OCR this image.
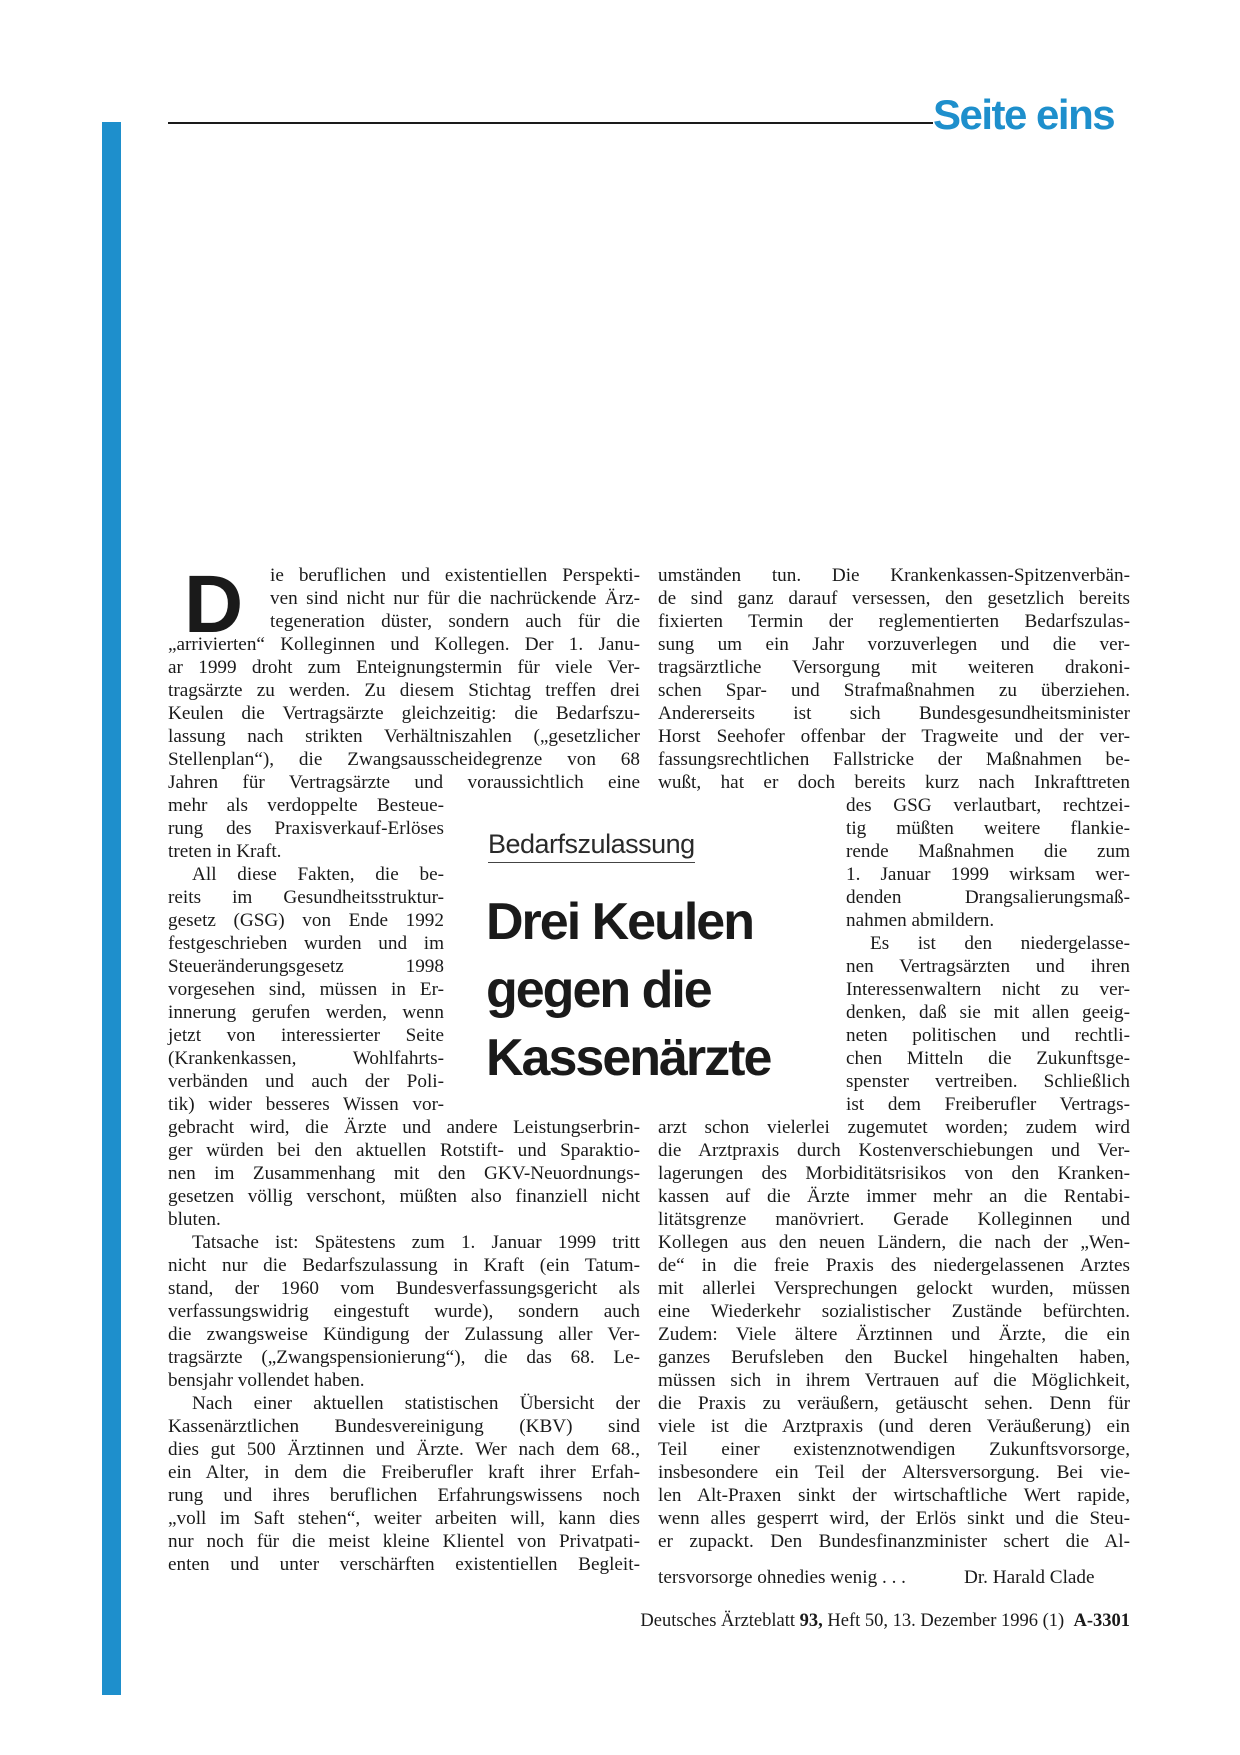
Seite eins
D
Bedarfszulassung
Drei Keulen
gegen die
Kassenärzte
Dr. Harald Clade
ie beruflichen und existentiellen Perspekti-
ven sind nicht nur für die nachrückende Ärz-
tegeneration düster, sondern auch für die
„arrivierten“ Kolleginnen und Kollegen. Der 1. Janu-
ar 1999 droht zum Enteignungstermin für viele Ver-
tragsärzte zu werden. Zu diesem Stichtag treffen drei
Keulen die Vertragsärzte gleichzeitig: die Bedarfszu-
lassung nach strikten Verhältniszahlen („gesetzlicher
Stellenplan“), die Zwangsausscheidegrenze von 68
Jahren für Vertragsärzte und voraussichtlich eine
mehr als verdoppelte Besteue-
rung des Praxisverkauf-Erlöses
treten in Kraft.
All diese Fakten, die be-
reits im Gesundheitsstruktur-
gesetz (GSG) von Ende 1992
festgeschrieben wurden und im
Steueränderungsgesetz 1998
vorgesehen sind, müssen in Er-
innerung gerufen werden, wenn
jetzt von interessierter Seite
(Krankenkassen, Wohlfahrts-
verbänden und auch der Poli-
tik) wider besseres Wissen vor-
gebracht wird, die Ärzte und andere Leistungserbrin-
ger würden bei den aktuellen Rotstift- und Sparaktio-
nen im Zusammenhang mit den GKV-Neuordnungs-
gesetzen völlig verschont, müßten also finanziell nicht
bluten.
Tatsache ist: Spätestens zum 1. Januar 1999 tritt
nicht nur die Bedarfszulassung in Kraft (ein Tatum-
stand, der 1960 vom Bundesverfassungsgericht als
verfassungswidrig eingestuft wurde), sondern auch
die zwangsweise Kündigung der Zulassung aller Ver-
tragsärzte („Zwangspensionierung“), die das 68. Le-
bensjahr vollendet haben.
Nach einer aktuellen statistischen Übersicht der
Kassenärztlichen Bundesvereinigung (KBV) sind
dies gut 500 Ärztinnen und Ärzte. Wer nach dem 68.,
ein Alter, in dem die Freiberufler kraft ihrer Erfah-
rung und ihres beruflichen Erfahrungswissens noch
„voll im Saft stehen“, weiter arbeiten will, kann dies
nur noch für die meist kleine Klientel von Privatpati-
enten und unter verschärften existentiellen Begleit-
umständen tun. Die Krankenkassen-Spitzenverbän-
de sind ganz darauf versessen, den gesetzlich bereits
fixierten Termin der reglementierten Bedarfszulas-
sung um ein Jahr vorzuverlegen und die ver-
tragsärztliche Versorgung mit weiteren drakoni-
schen Spar- und Strafmaßnahmen zu überziehen.
Andererseits ist sich Bundesgesundheitsminister
Horst Seehofer offenbar der Tragweite und der ver-
fassungsrechtlichen Fallstricke der Maßnahmen be-
wußt, hat er doch bereits kurz nach Inkrafttreten
des GSG verlautbart, rechtzei-
tig müßten weitere flankie-
rende Maßnahmen die zum
1. Januar 1999 wirksam wer-
denden Drangsalierungsmaß-
nahmen abmildern.
Es ist den niedergelasse-
nen Vertragsärzten und ihren
Interessenwaltern nicht zu ver-
denken, daß sie mit allen geeig-
neten politischen und rechtli-
chen Mitteln die Zukunftsge-
spenster vertreiben. Schließlich
ist dem Freiberufler Vertrags-
arzt schon vielerlei zugemutet worden; zudem wird
die Arztpraxis durch Kostenverschiebungen und Ver-
lagerungen des Morbiditätsrisikos von den Kranken-
kassen auf die Ärzte immer mehr an die Rentabi-
litätsgrenze manövriert. Gerade Kolleginnen und
Kollegen aus den neuen Ländern, die nach der „Wen-
de“ in die freie Praxis des niedergelassenen Arztes
mit allerlei Versprechungen gelockt wurden, müssen
eine Wiederkehr sozialistischer Zustände befürchten.
Zudem: Viele ältere Ärztinnen und Ärzte, die ein
ganzes Berufsleben den Buckel hingehalten haben,
müssen sich in ihrem Vertrauen auf die Möglichkeit,
die Praxis zu veräußern, getäuscht sehen. Denn für
viele ist die Arztpraxis (und deren Veräußerung) ein
Teil einer existenznotwendigen Zukunftsvorsorge,
insbesondere ein Teil der Altersversorgung. Bei vie-
len Alt-Praxen sinkt der wirtschaftliche Wert rapide,
wenn alles gesperrt wird, der Erlös sinkt und die Steu-
er zupackt. Den Bundesfinanzminister schert die Al-
tersvorsorge ohnedies wenig . . .
Deutsches Ärzteblatt 93, Heft 50, 13. Dezember 1996 (1) A-3301
